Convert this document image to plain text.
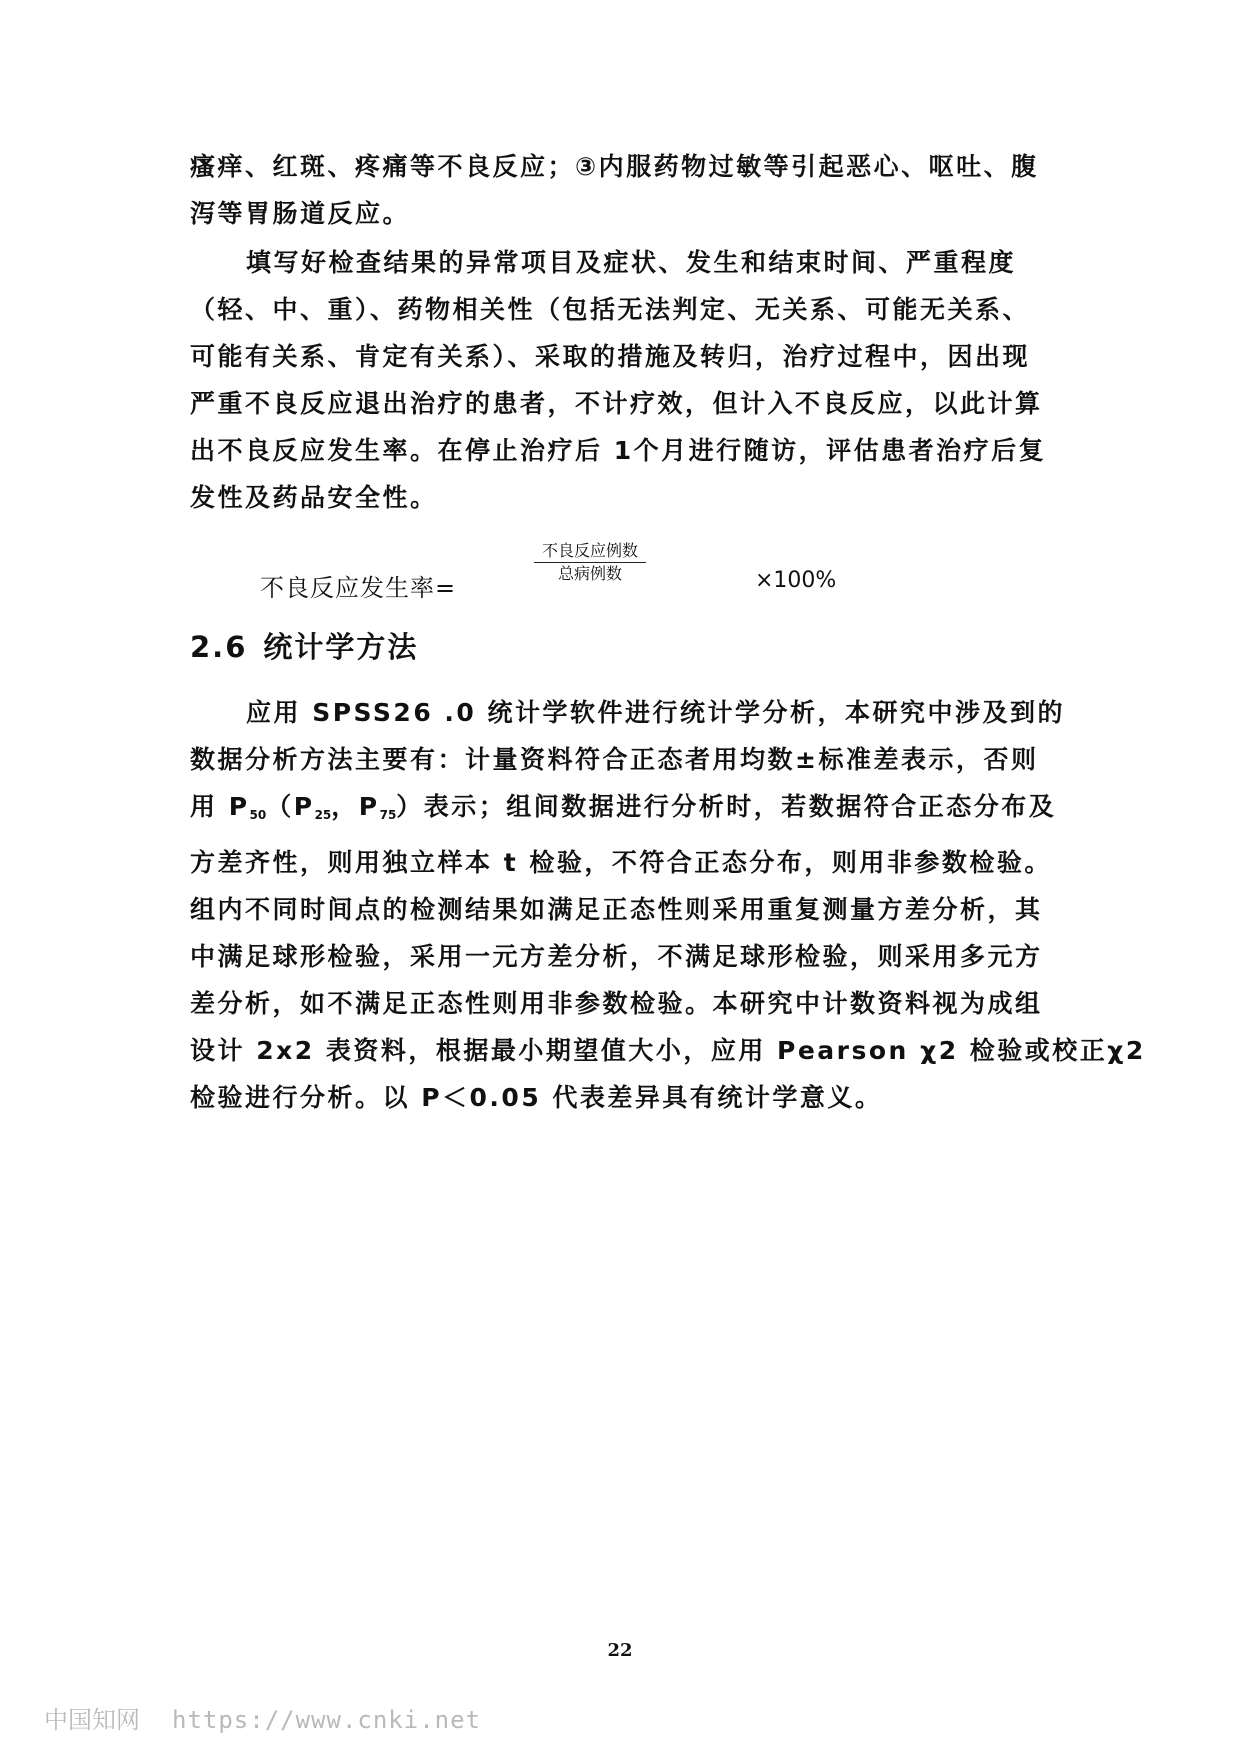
瘙痒、红斑、疼痛等不良反应；③内服药物过敏等引起恶心、呕吐、腹
泻等胃肠道反应。

填写好检查结果的异常项目及症状、发生和结束时间、严重程度
（轻、中、重）、药物相关性（包括无法判定、无关系、可能无关系、
可能有关系、肯定有关系）、采取的措施及转归，治疗过程中，因出现
严重不良反应退出治疗的患者，不计疗效，但计入不良反应，以此计算
出不良反应发生率。在停止治疗后 1个月进行随访，评估患者治疗后复
发性及药品安全性。

不良反应发生率=
不良反应例数
总病例数	×100%
2.6 统计学方法

应用 SPSS26 .0 统计学软件进行统计学分析，本研究中涉及到的
数据分析方法主要有：计量资料符合正态者用均数±标准差表示，否则
用 $P_{50}(P_{25}$，$P_{75}$）表示；组间数据进行分析时，若数据符合正态分布及
方差齐性，则用独立样本 t 检验，不符合正态分布，则用非参数检验。
组内不同时间点的检测结果如满足正态性则采用重复测量方差分析，其
中满足球形检验，采用一元方差分析，不满足球形检验，则采用多元方
差分析，如不满足正态性则用非参数检验。本研究中计数资料视为成组
设计 2x2 表资料，根据最小期望值大小，应用 Pearson χ2 检验或校正χ2
检验进行分析。以 P＜0.05 代表差异具有统计学意义。

22
中国知网 https://www.cnki.net
